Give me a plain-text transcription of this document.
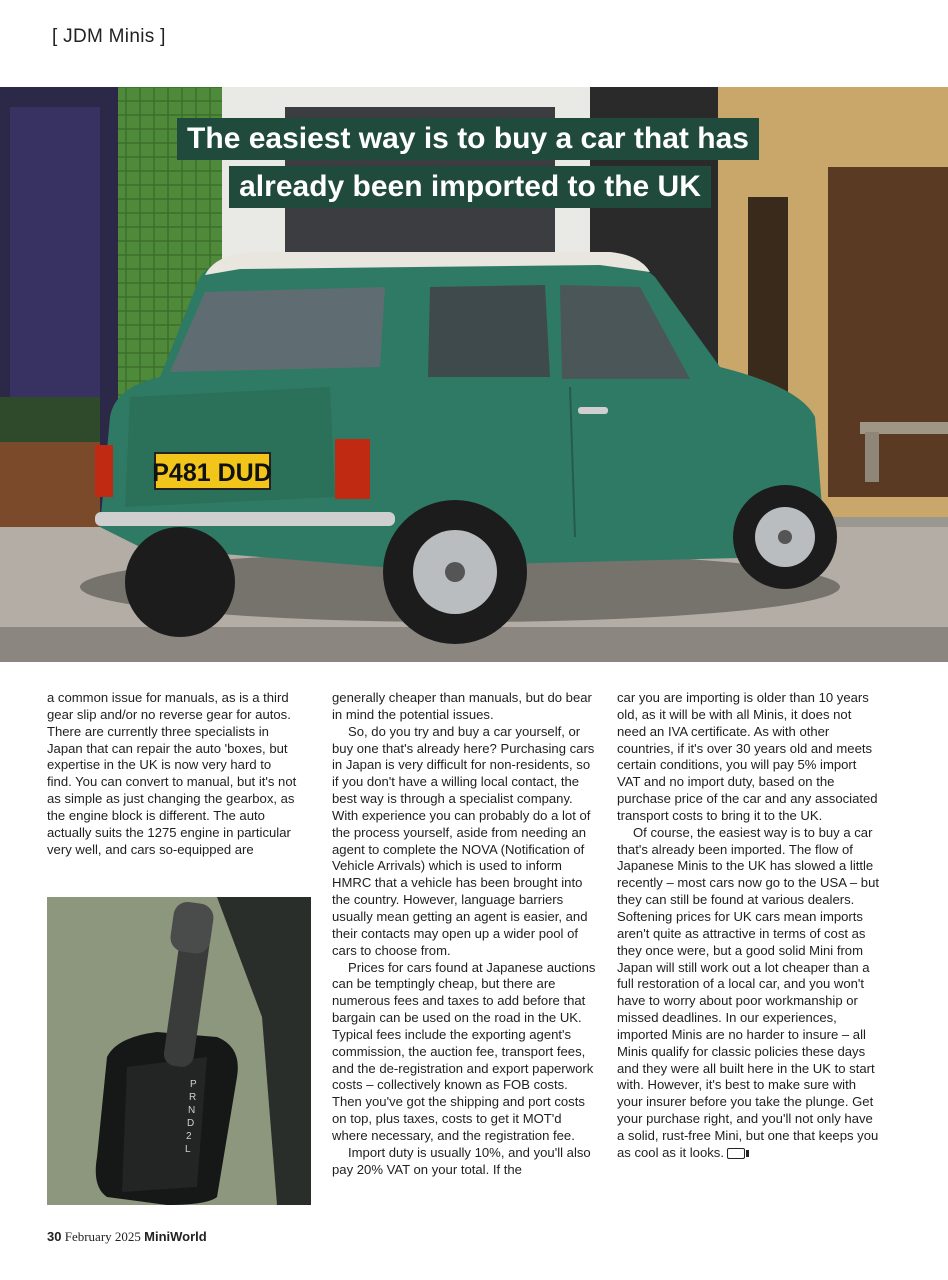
[ JDM Minis ]
P481 DUD
The easiest way is to buy a car that has
already been imported to the UK

a common issue for manuals, as is a third gear slip and/or no reverse gear for autos. There are currently three specialists in Japan that can repair the auto 'boxes, but expertise in the UK is now very hard to find. You can convert to manual, but it's not as simple as just changing the gearbox, as the engine block is different. The auto actually suits the 1275 engine in particular very well, and cars so-equipped are

P
R
N
D
2
L

generally cheaper than manuals, but do bear in mind the potential issues.

So, do you try and buy a car yourself, or buy one that's already here? Purchasing cars in Japan is very difficult for non-residents, so if you don't have a willing local contact, the best way is through a specialist company. With experience you can probably do a lot of the process yourself, aside from needing an agent to complete the NOVA (Notification of Vehicle Arrivals) which is used to inform HMRC that a vehicle has been brought into the country. However, language barriers usually mean getting an agent is easier, and their contacts may open up a wider pool of cars to choose from.

Prices for cars found at Japanese auctions can be temptingly cheap, but there are numerous fees and taxes to add before that bargain can be used on the road in the UK. Typical fees include the exporting agent's commission, the auction fee, transport fees, and the de-registration and export paperwork costs – collectively known as FOB costs. Then you've got the shipping and port costs on top, plus taxes, costs to get it MOT'd where necessary, and the registration fee.

Import duty is usually 10%, and you'll also pay 20% VAT on your total. If the

car you are importing is older than 10 years old, as it will be with all Minis, it does not need an IVA certificate. As with other countries, if it's over 30 years old and meets certain conditions, you will pay 5% import VAT and no import duty, based on the purchase price of the car and any associated transport costs to bring it to the UK.

Of course, the easiest way is to buy a car that's already been imported. The flow of Japanese Minis to the UK has slowed a little recently – most cars now go to the USA – but they can still be found at various dealers. Softening prices for UK cars mean imports aren't quite as attractive in terms of cost as they once were, but a good solid Mini from Japan will still work out a lot cheaper than a full restoration of a local car, and you won't have to worry about poor workmanship or missed deadlines. In our experiences, imported Minis are no harder to insure – all Minis qualify for classic policies these days and they were all built here in the UK to start with. However, it's best to make sure with your insurer before you take the plunge. Get your purchase right, and you'll not only have a solid, rust-free Mini, but one that keeps you as cool as it looks.

30 February 2025 MiniWorld
